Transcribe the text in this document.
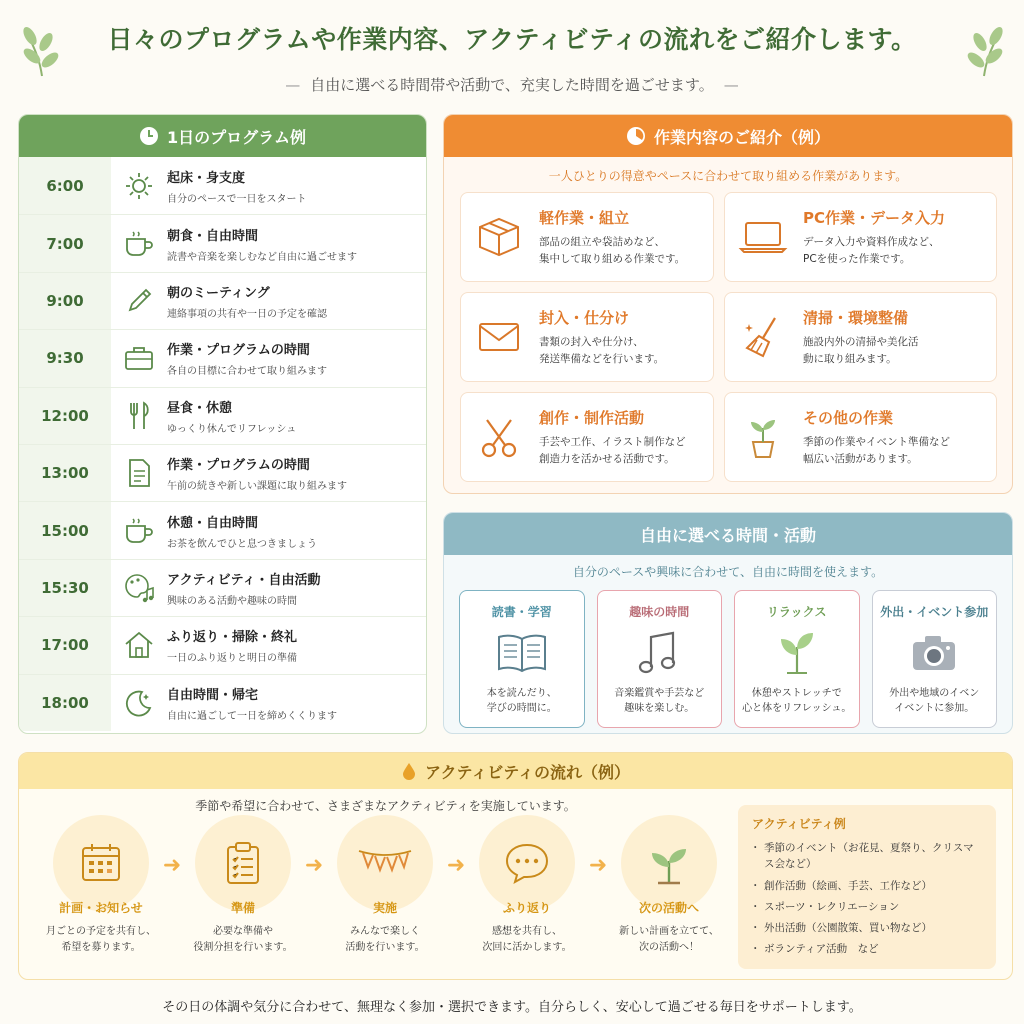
日々のプログラムや作業内容、アクティビティの流れをご紹介します。
— 自由に選べる時間帯や活動で、充実した時間を過ごせます。 —
1日のプログラム例
6:00	起床・身支度
自分のペースで一日をスタート
7:00	朝食・自由時間
読書や音楽を楽しむなど自由に過ごせます
9:00	朝のミーティング
連絡事項の共有や一日の予定を確認
9:30	作業・プログラムの時間
各自の目標に合わせて取り組みます
12:00	昼食・休憩
ゆっくり休んでリフレッシュ
13:00	作業・プログラムの時間
午前の続きや新しい課題に取り組みます
15:00	休憩・自由時間
お茶を飲んでひと息つきましょう
15:30	アクティビティ・自由活動
興味のある活動や趣味の時間
17:00	ふり返り・掃除・終礼
一日のふり返りと明日の準備
18:00	自由時間・帰宅
自由に過ごして一日を締めくくります
作業内容のご紹介（例）
一人ひとりの得意やペースに合わせて取り組める作業があります。
軽作業・組立
部品の組立や袋詰めなど、
集中して取り組める作業です。
PC作業・データ入力
データ入力や資料作成など、
PCを使った作業です。
封入・仕分け
書類の封入や仕分け、
発送準備などを行います。
清掃・環境整備
施設内外の清掃や美化活
動に取り組みます。
創作・制作活動
手芸や工作、イラスト制作など
創造力を活かせる活動です。
その他の作業
季節の作業やイベント準備など
幅広い活動があります。
自由に選べる時間・活動
自分のペースや興味に合わせて、自由に時間を使えます。
読書・学習
本を読んだり、
学びの時間に。
趣味の時間
音楽鑑賞や手芸など
趣味を楽しむ。
リラックス
休憩やストレッチで
心と体をリフレッシュ。
外出・イベント参加
外出や地域のイベン
イベントに参加。
アクティビティの流れ（例）
季節や希望に合わせて、さまざまなアクティビティを実施しています。
計画・お知らせ
月ごとの予定を共有し、
希望を募ります。
➜
準備
必要な準備や
役割分担を行います。
➜
実施
みんなで楽しく
活動を行います。
➜
ふり返り
感想を共有し、
次回に活かします。
➜
次の活動へ
新しい計画を立てて、
次の活動へ！
アクティビティ例
・ 季節のイベント（お花見、夏祭り、クリスマス会など）
・ 創作活動（絵画、手芸、工作など）
・ スポーツ・レクリエーション
・ 外出活動（公園散策、買い物など）
・ ボランティア活動　など
その日の体調や気分に合わせて、無理なく参加・選択できます。自分らしく、安心して過ごせる毎日をサポートします。
